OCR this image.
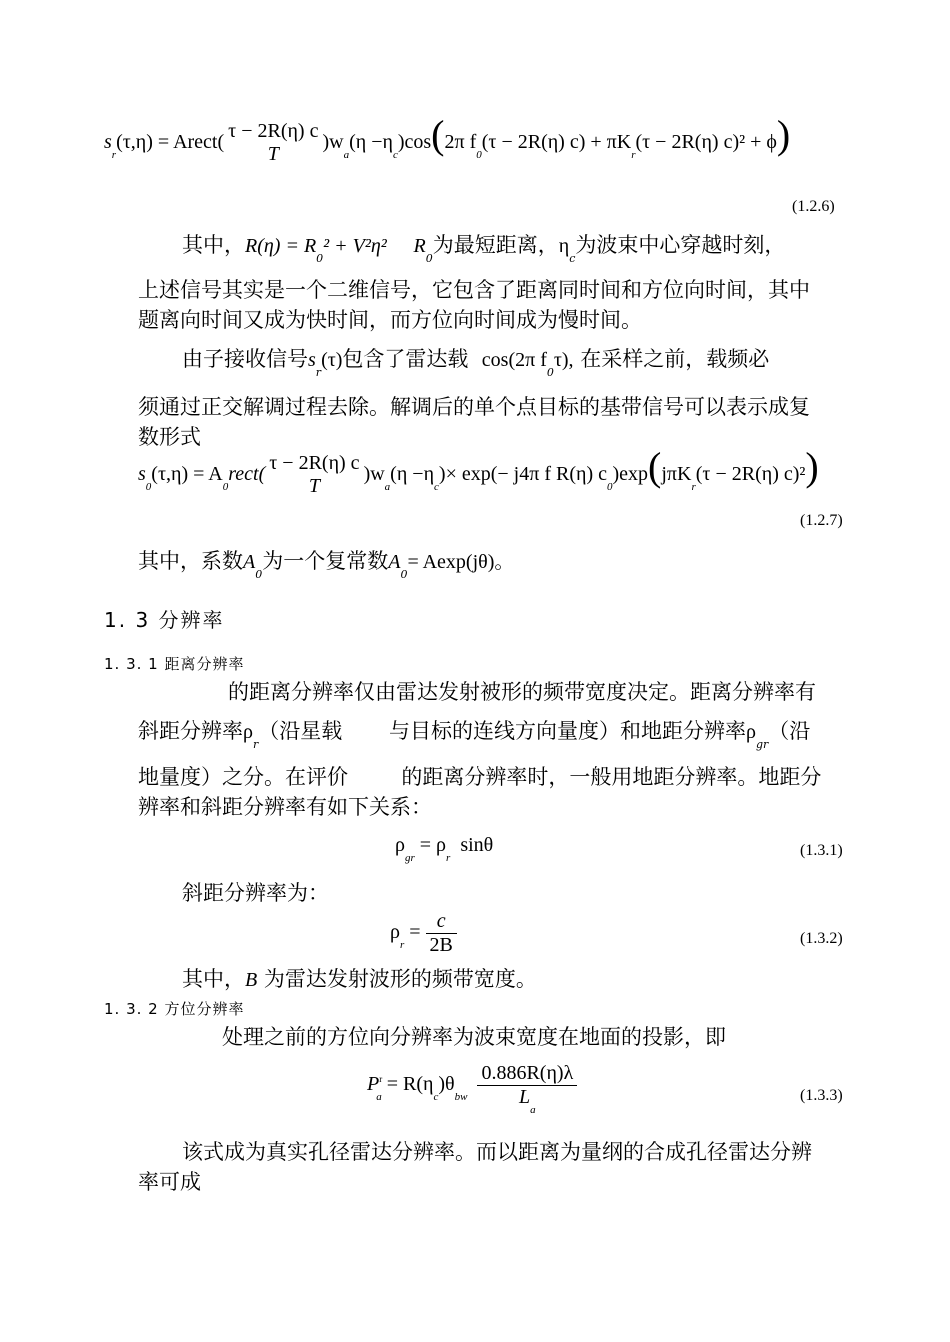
$s_r(\tau,\eta)$ = Arect( τ − 2R(η) c
T
)$w_a(\eta -\eta_c)\cos(2\pi$ $f_0(\tau - 2R(\eta) c) + \pi K_r(\tau - 2R(\eta) c)^2 + \phi$)
(1.2.6)
其中，$R(\eta) = R_0^2 + V^2\eta^2$ $R_0$为最短距离，$\eta_c$为波束中心穿越时刻，
上述信号其实是一个二维信号，它包含了距离同时间和方位向时间，其中
题离向时间又成为快时间，而方位向时间成为慢时间。
由子接收信号$s_r(\tau)$包含了雷达载 cos(2π $f_0\tau$), 在采样之前，载频必
须通过正交解调过程去除。解调后的单个点目标的基带信号可以表示成复
数形式
$s_0(\tau,\eta)$ = $A_0rect$( τ − 2R(η) c
T
)$w_a(\eta -\eta_c)\times \exp(- j4\pi$ f R(η) $c_0)\exp(j\pi K_r(\tau - 2R(\eta)$ c)²)
(1.2.7)
其中，系数$A_0$为一个复常数$A_0= Aexp(j\theta)$。
1. 3 分辨率
1. 3. 1 距离分辨率
的距离分辨率仅由雷达发射被形的频带宽度决定。距离分辨率有
斜距分辨率$\rho_r$（沿星载 与目标的连线方向量度）和地距分辨率$\rho_{gr}$（沿
地量度）之分。在评价	的距离分辨率时，一般用地距分辨率。地距分
辨率和斜距分辨率有如下关系：
$\rho_{gr} = \rho_r$  sinθ	(1.3.1)
斜距分辨率为：
$\rho_r = \frac{c}{2B}$	(1.3.2)
其中，B 为雷达发射波形的频带宽度。
1. 3. 2 方位分辨率
处理之前的方位向分辨率为波束宽度在地面的投影，即
$P^r_a = R(\eta_c)\theta_{bw} \frac{0.886R(\eta)\lambda}{L_a}$	(1.3.3)
该式成为真实孔径雷达分辨率。而以距离为量纲的合成孔径雷达分辨
率可成
